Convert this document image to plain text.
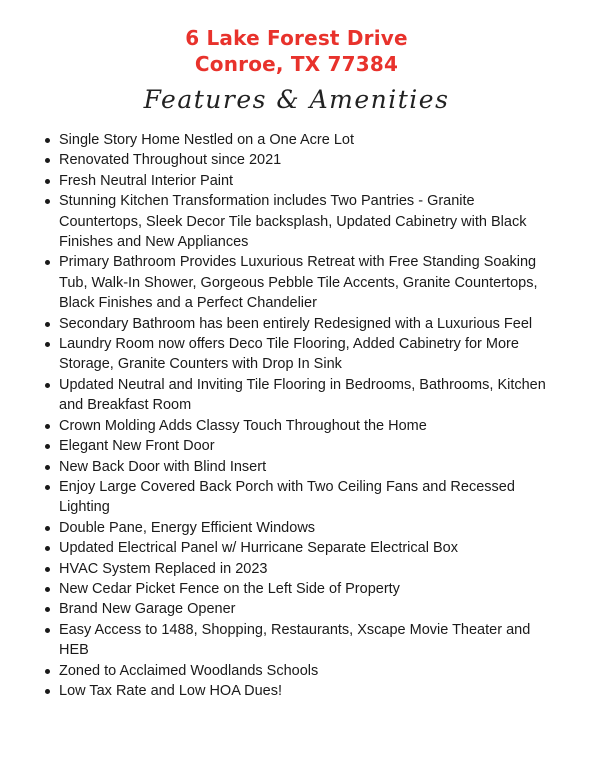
6 Lake Forest Drive
Conroe, TX 77384
Features & Amenities
Single Story Home Nestled on a One Acre Lot
Renovated Throughout since 2021
Fresh Neutral Interior Paint
Stunning Kitchen Transformation includes Two Pantries - Granite Countertops, Sleek Decor Tile backsplash, Updated Cabinetry with Black Finishes and New Appliances
Primary Bathroom Provides Luxurious Retreat with Free Standing Soaking Tub, Walk-In Shower, Gorgeous Pebble Tile Accents, Granite Countertops, Black Finishes and a Perfect Chandelier
Secondary Bathroom has been entirely Redesigned with a Luxurious Feel
Laundry Room now offers Deco Tile Flooring, Added Cabinetry for More Storage, Granite Counters with Drop In Sink
Updated Neutral and Inviting Tile Flooring in Bedrooms, Bathrooms, Kitchen and Breakfast Room
Crown Molding Adds Classy Touch Throughout the Home
Elegant New Front Door
New Back Door with Blind Insert
Enjoy Large Covered Back Porch with Two Ceiling Fans and Recessed Lighting
Double Pane, Energy Efficient Windows
Updated Electrical Panel w/ Hurricane Separate Electrical Box
HVAC System Replaced in 2023
New Cedar Picket Fence on the Left Side of Property
Brand New Garage Opener
Easy Access to 1488, Shopping, Restaurants, Xscape Movie Theater and HEB
Zoned to Acclaimed Woodlands Schools
Low Tax Rate and Low HOA Dues!
